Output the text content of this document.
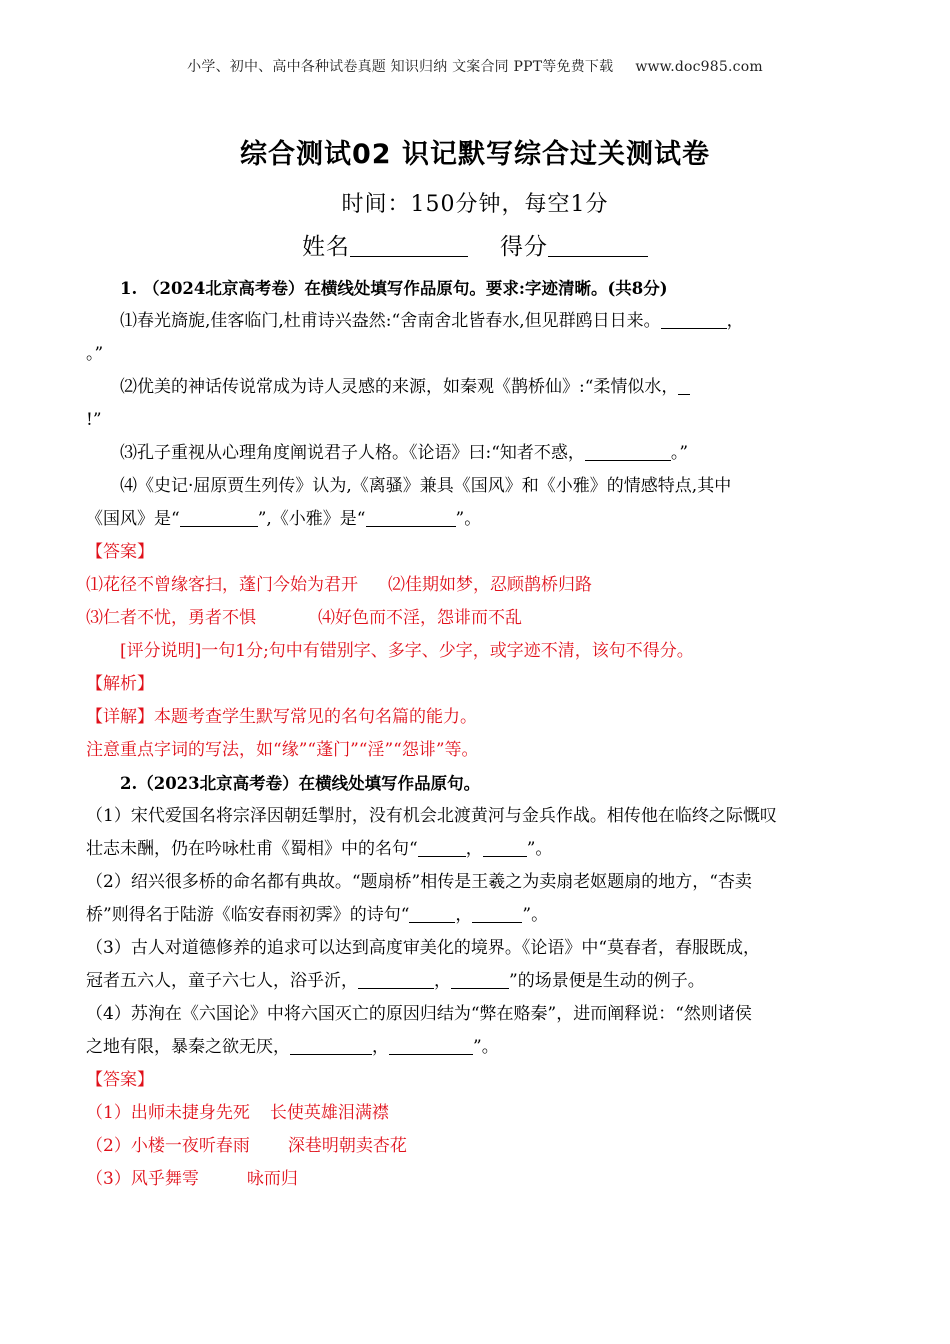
小学、初中、高中各种试卷真题 知识归纳 文案合同 PPT等免费下载 www.doc985.com
综合测试02 识记默写综合过关测试卷
时间：150分钟，每空1分
姓名	得分
1. （2024北京高考卷）在横线处填写作品原句。要求:字迹清晰。(共8分)
⑴春光旖旎,佳客临门,杜甫诗兴盎然:“舍南舍北皆春水,但见群鸥日日来。	，
。”
⑵优美的神话传说常成为诗人灵感的来源，如秦观《鹊桥仙》:“柔情似水，
!”
⑶孔子重视从心理角度阐说君子人格。《论语》曰:“知者不惑，	。”
⑷《史记·屈原贾生列传》认为,《离骚》兼具《国风》和《小雅》的情感特点,其中
《国风》是“	”,《小雅》是“	”。
【答案】
⑴花径不曾缘客扫，蓬门今始为君开 ⑵佳期如梦，忍顾鹊桥归路
⑶仁者不忧，勇者不惧	⑷好色而不淫，怨诽而不乱
[评分说明]一句1分;句中有错别字、多字、少字，或字迹不清，该句不得分。
【解析】
【详解】本题考查学生默写常见的名句名篇的能力。
注意重点字词的写法，如“缘”“蓬门”“淫”“怨诽”等。
2.（2023北京高考卷）在横线处填写作品原句。
（1）宋代爱国名将宗泽因朝廷掣肘，没有机会北渡黄河与金兵作战。相传他在临终之际慨叹
壮志未酬，仍在吟咏杜甫《蜀相》中的名句“	，	”。
（2）绍兴很多桥的命名都有典故。“题扇桥”相传是王羲之为卖扇老妪题扇的地方，“杏卖
桥”则得名于陆游《临安春雨初霁》的诗句“	，	”。
（3）古人对道德修养的追求可以达到高度审美化的境界。《论语》中“莫春者，春服既成，
冠者五六人，童子六七人，浴乎沂，	，	”的场景便是生动的例子。
（4）苏洵在《六国论》中将六国灭亡的原因归结为“弊在赂秦”，进而阐释说：“然则诸侯
之地有限，暴秦之欲无厌，	，	”。
【答案】
（1）出师未捷身先死 长使英雄泪满襟
（2）小楼一夜听春雨 深巷明朝卖杏花
（3）风乎舞雩	咏而归
